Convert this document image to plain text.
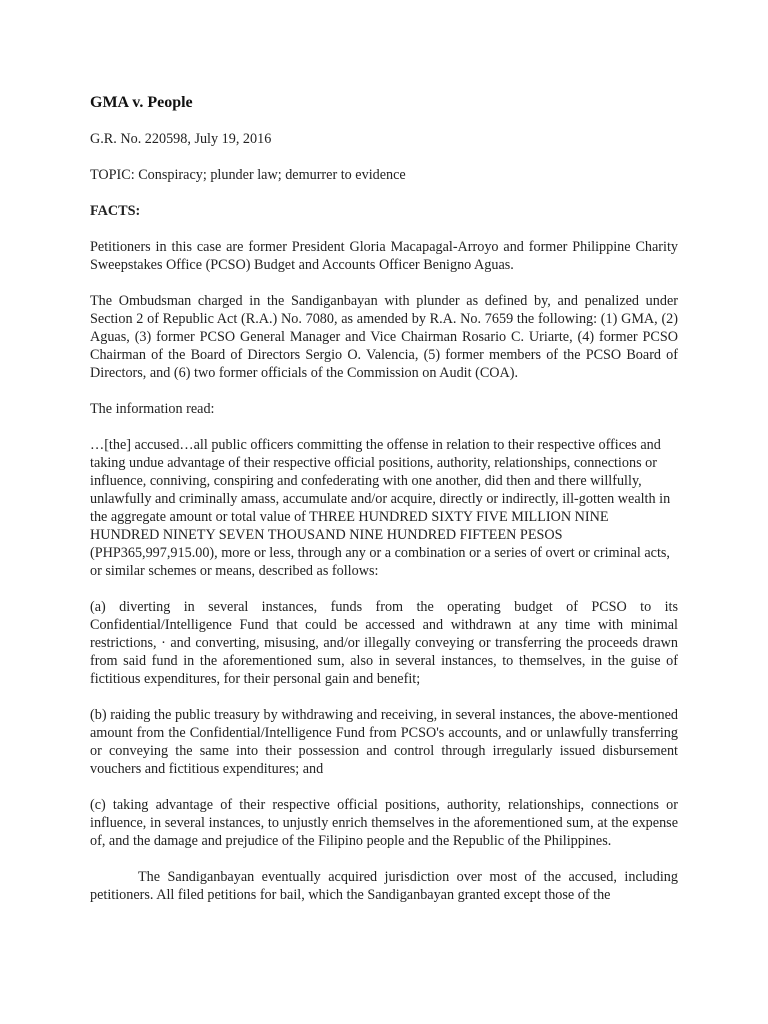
GMA v. People

G.R. No. 220598, July 19, 2016

TOPIC: Conspiracy; plunder law; demurrer to evidence

FACTS:

Petitioners in this case are former President Gloria Macapagal-Arroyo and former Philippine Charity Sweepstakes Office (PCSO) Budget and Accounts Officer Benigno Aguas.

The Ombudsman charged in the Sandiganbayan with plunder as defined by, and penalized under Section 2 of Republic Act (R.A.) No. 7080, as amended by R.A. No. 7659 the following: (1) GMA, (2) Aguas, (3) former PCSO General Manager and Vice Chairman Rosario C. Uriarte, (4) former PCSO Chairman of the Board of Directors Sergio O. Valencia, (5) former members of the PCSO Board of Directors, and (6) two former officials of the Commission on Audit (COA).

The information read:

…[the] accused…all public officers committing the offense in relation to their respective offices and taking undue advantage of their respective official positions, authority, relationships, connections or influence, conniving, conspiring and confederating with one another, did then and there willfully, unlawfully and criminally amass, accumulate and/or acquire, directly or indirectly, ill-gotten wealth in the aggregate amount or total value of THREE HUNDRED SIXTY FIVE MILLION NINE HUNDRED NINETY SEVEN THOUSAND NINE HUNDRED FIFTEEN PESOS (PHP365,997,915.00), more or less, through any or a combination or a series of overt or criminal acts, or similar schemes or means, described as follows:

(a) diverting in several instances, funds from the operating budget of PCSO to its Confidential/Intelligence Fund that could be accessed and withdrawn at any time with minimal restrictions, · and converting, misusing, and/or illegally conveying or transferring the proceeds drawn from said fund in the aforementioned sum, also in several instances, to themselves, in the guise of fictitious expenditures, for their personal gain and benefit;

(b) raiding the public treasury by withdrawing and receiving, in several instances, the above-mentioned amount from the Confidential/Intelligence Fund from PCSO's accounts, and or unlawfully transferring or conveying the same into their possession and control through irregularly issued disbursement vouchers and fictitious expenditures; and

(c) taking advantage of their respective official positions, authority, relationships, connections or influence, in several instances, to unjustly enrich themselves in the aforementioned sum, at the expense of, and the damage and prejudice of the Filipino people and the Republic of the Philippines.

The Sandiganbayan eventually acquired jurisdiction over most of the accused, including petitioners. All filed petitions for bail, which the Sandiganbayan granted except those of the
